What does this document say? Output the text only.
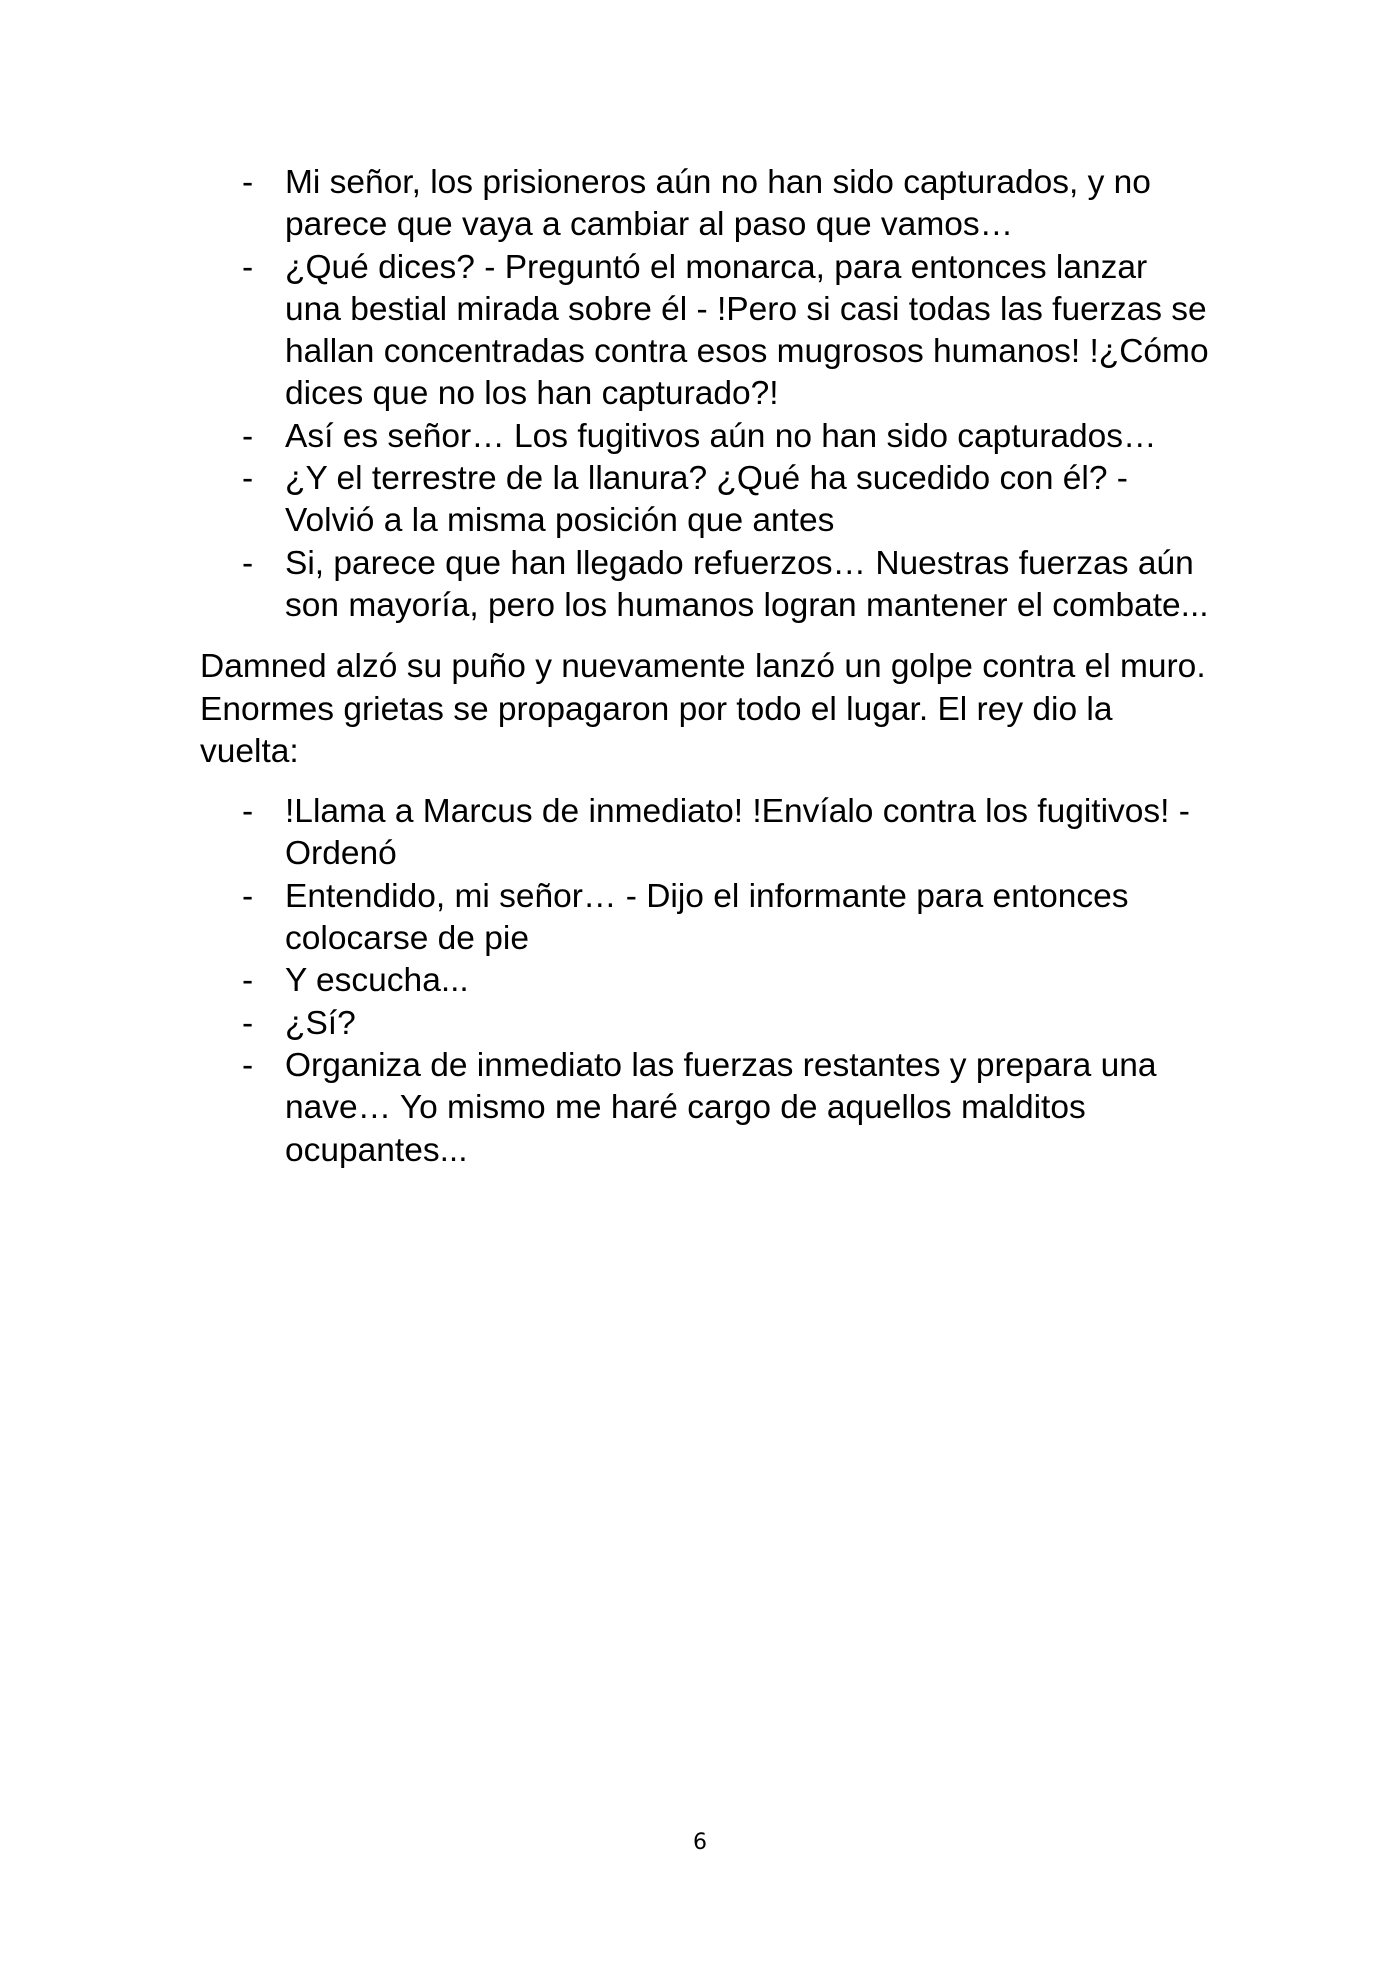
- Mi señor, los prisioneros aún no han sido capturados, y no parece que vaya a cambiar al paso que vamos…
- ¿Qué dices? - Preguntó el monarca, para entonces lanzar una bestial mirada sobre él - !Pero si casi todas las fuerzas se hallan concentradas contra esos mugrosos humanos! !¿Cómo dices que no los han capturado?!
- Así es señor… Los fugitivos aún no han sido capturados…
- ¿Y el terrestre de la llanura? ¿Qué ha sucedido con él? - Volvió a la misma posición que antes
- Si, parece que han llegado refuerzos… Nuestras fuerzas aún son mayoría, pero los humanos logran mantener el combate...

Damned alzó su puño y nuevamente lanzó un golpe contra el muro. Enormes grietas se propagaron por todo el lugar. El rey dio la vuelta:

- !Llama a Marcus de inmediato! !Envíalo contra los fugitivos! - Ordenó
- Entendido, mi señor… - Dijo el informante para entonces colocarse de pie
- Y escucha...
- ¿Sí?
- Organiza de inmediato las fuerzas restantes y prepara una nave… Yo mismo me haré cargo de aquellos malditos ocupantes...
6
